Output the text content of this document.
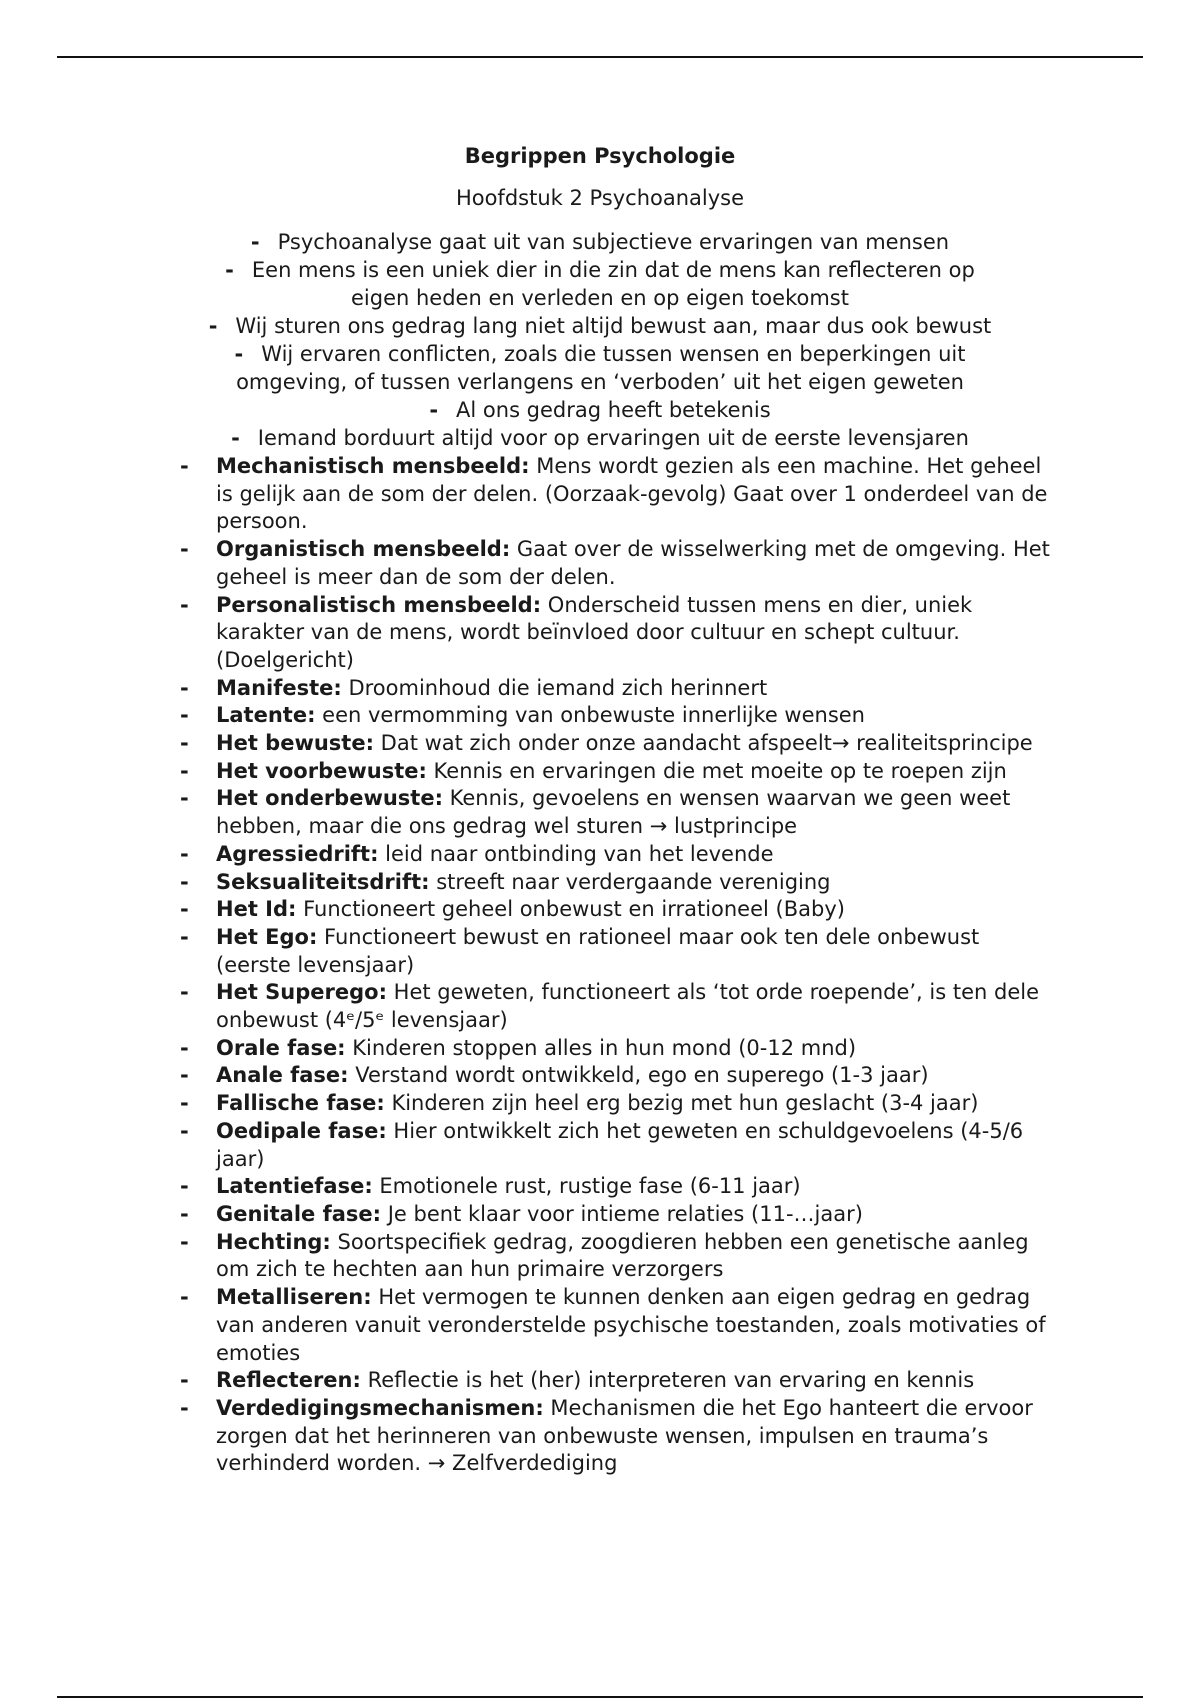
Begrippen Psychologie
Hoofdstuk 2 Psychoanalyse
- Psychoanalyse gaat uit van subjectieve ervaringen van mensen
- Een mens is een uniek dier in die zin dat de mens kan reflecteren op eigen heden en verleden en op eigen toekomst
- Wij sturen ons gedrag lang niet altijd bewust aan, maar dus ook bewust
- Wij ervaren conflicten, zoals die tussen wensen en beperkingen uit omgeving, of tussen verlangens en ‘verboden’ uit het eigen geweten
- Al ons gedrag heeft betekenis
- Iemand borduurt altijd voor op ervaringen uit de eerste levensjaren
- Mechanistisch mensbeeld: Mens wordt gezien als een machine. Het geheel is gelijk aan de som der delen. (Oorzaak-gevolg) Gaat over 1 onderdeel van de persoon.
- Organistisch mensbeeld: Gaat over de wisselwerking met de omgeving. Het geheel is meer dan de som der delen.
- Personalistisch mensbeeld: Onderscheid tussen mens en dier, uniek karakter van de mens, wordt beïnvloed door cultuur en schept cultuur. (Doelgericht)
- Manifeste: Droominhoud die iemand zich herinnert
- Latente: een vermomming van onbewuste innerlijke wensen
- Het bewuste: Dat wat zich onder onze aandacht afspeelt→ realiteitsprincipe
- Het voorbewuste: Kennis en ervaringen die met moeite op te roepen zijn
- Het onderbewuste: Kennis, gevoelens en wensen waarvan we geen weet hebben, maar die ons gedrag wel sturen → lustprincipe
- Agressiedrift: leid naar ontbinding van het levende
- Seksualiteitsdrift: streeft naar verdergaande vereniging
- Het Id: Functioneert geheel onbewust en irrationeel (Baby)
- Het Ego: Functioneert bewust en rationeel maar ook ten dele onbewust (eerste levensjaar)
- Het Superego: Het geweten, functioneert als ‘tot orde roepende’, is ten dele onbewust (4ᵉ/5ᵉ levensjaar)
- Orale fase: Kinderen stoppen alles in hun mond (0-12 mnd)
- Anale fase: Verstand wordt ontwikkeld, ego en superego (1-3 jaar)
- Fallische fase: Kinderen zijn heel erg bezig met hun geslacht (3-4 jaar)
- Oedipale fase: Hier ontwikkelt zich het geweten en schuldgevoelens (4-5/6 jaar)
- Latentiefase: Emotionele rust, rustige fase (6-11 jaar)
- Genitale fase: Je bent klaar voor intieme relaties (11-…jaar)
- Hechting: Soortspecifiek gedrag, zoogdieren hebben een genetische aanleg om zich te hechten aan hun primaire verzorgers
- Metalliseren: Het vermogen te kunnen denken aan eigen gedrag en gedrag van anderen vanuit veronderstelde psychische toestanden, zoals motivaties of emoties
- Reflecteren: Reflectie is het (her) interpreteren van ervaring en kennis
- Verdedigingsmechanismen: Mechanismen die het Ego hanteert die ervoor zorgen dat het herinneren van onbewuste wensen, impulsen en trauma’s verhinderd worden. → Zelfverdediging
